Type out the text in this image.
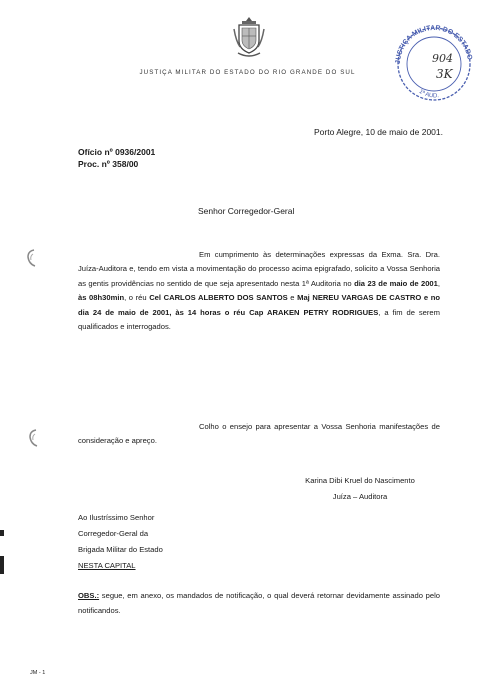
JUSTIÇA MILITAR DO ESTADO DO RIO GRANDE DO SUL
JUSTIÇA MILITAR DO ESTADO
1ª AUD.
904
3K
Porto Alegre, 10 de maio de 2001.
Ofício nº 0936/2001
Proc. nº 358/00
Senhor Corregedor-Geral
Em cumprimento às determinações expressas da Exma. Sra. Dra. Juíza-Auditora e, tendo em vista a movimentação do processo acima epigrafado, solicito a Vossa Senhoria as gentis providências no sentido de que seja apresentado nesta 1ª Auditoria no dia 23 de maio de 2001, às 08h30min, o réu Cel CARLOS ALBERTO DOS SANTOS e Maj NEREU VARGAS DE CASTRO e no dia 24 de maio de 2001, às 14 horas o réu Cap ARAKEN PETRY RODRIGUES, a fim de serem qualificados e interrogados.
Colho o ensejo para apresentar a Vossa Senhoria manifestações de consideração e apreço.
Karina Dibi Kruel do Nascimento
Juíza – Auditora
Ao Ilustríssimo Senhor
Corregedor-Geral da
Brigada Militar do Estado
NESTA CAPITAL
OBS.: segue, em anexo, os mandados de notificação, o qual deverá retornar devidamente assinado pelo notificandos.
JM - 1
